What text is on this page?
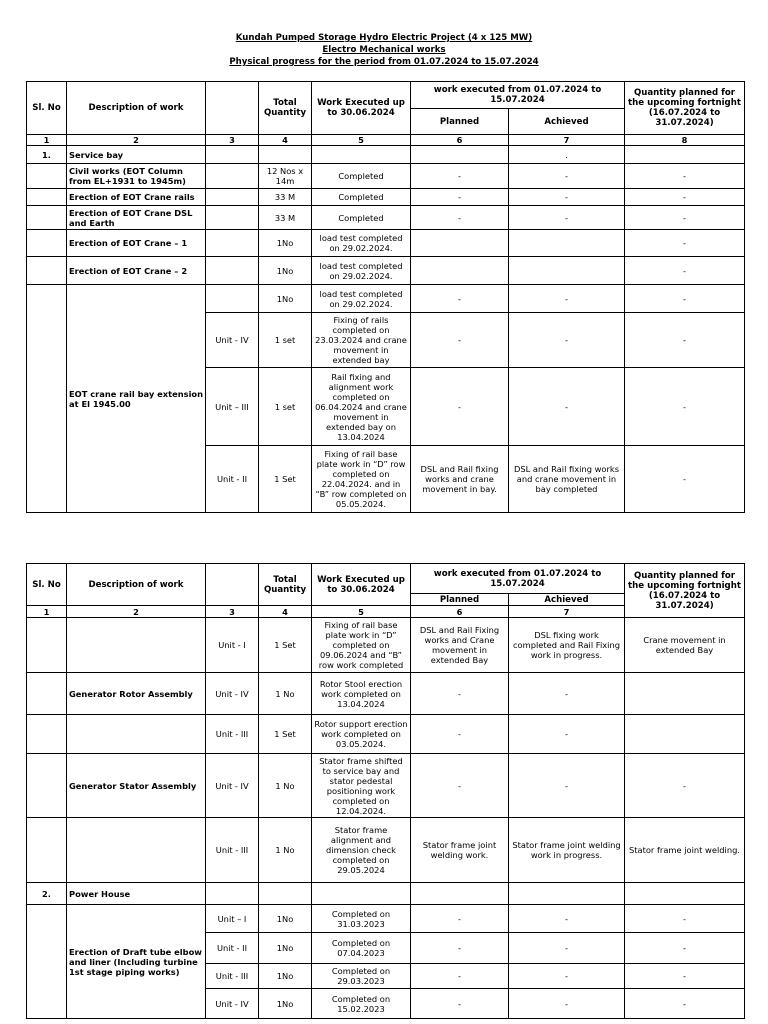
Kundah Pumped Storage Hydro Electric Project (4 x 125 MW)
Electro Mechanical works
Physical progress for the period from 01.07.2024 to 15.07.2024
Sl. No	Description of work		Total Quantity	Work Executed up to 30.06.2024	work executed from 01.07.2024 to 15.07.2024		Quantity planned for the upcoming fortnight (16.07.2024 to 31.07.2024)
					Planned	Achieved	
1	2	3	4	5	6	7	8
1.	Service bay					.	
	Civil works (EOT Column from EL+1931 to 1945m)		12 Nos x 14m	Completed	-	-	-
	Erection of EOT Crane rails		33 M	Completed	-	-	-
	Erection of EOT Crane DSL and Earth		33 M	Completed	-	-	-
	Erection of EOT Crane – 1		1No	load test completed on 29.02.2024.			-
	Erection of EOT Crane – 2		1No	load test completed on 29.02.2024.			-
	EOT crane rail bay extension at El 1945.00		1No	load test completed on 29.02.2024.	-	-	-
		Unit - IV	1 set	Fixing of rails completed on 23.03.2024 and crane movement in extended bay	-	-	-
		Unit – III	1 set	Rail fixing and alignment work completed on 06.04.2024 and crane movement in extended bay on 13.04.2024	-	-	-
		Unit - II	1 Set	Fixing of rail base plate work in “D” row completed on 22.04.2024. and in “B” row completed on 05.05.2024.	DSL and Rail fixing works and crane movement in bay.	DSL and Rail fixing works and crane movement in bay completed	-
Sl. No	Description of work		Total Quantity	Work Executed up to 30.06.2024	work executed from 01.07.2024 to 15.07.2024		Quantity planned for the upcoming fortnight (16.07.2024 to 31.07.2024)
					Planned	Achieved	
1	2	3	4	5	6	7	
		Unit - I	1 Set	Fixing of rail base plate work in “D” completed on 09.06.2024 and “B” row work completed	DSL and Rail Fixing works and Crane movement in extended Bay	DSL fixing work completed and Rail Fixing work in progress.	Crane movement in extended Bay
	Generator Rotor Assembly	Unit - IV	1 No	Rotor Stool erection work completed on 13.04.2024	-	-	
		Unit - III	1 Set	Rotor support erection work completed on 03.05.2024.	-	-	
	Generator Stator Assembly	Unit - IV	1 No	Stator frame shifted to service bay and stator pedestal positioning work completed on 12.04.2024.	-	-	-
		Unit - III	1 No	Stator frame alignment and dimension check completed on 29.05.2024	Stator frame joint welding work.	Stator frame joint welding work in progress.	Stator frame joint welding.
2.	Power House						
	Erection of Draft tube elbow and liner (Including turbine 1st stage piping works)	Unit – I	1No	Completed on 31.03.2023	-	-	-
		Unit - II	1No	Completed on 07.04.2023	-	-	-
		Unit - III	1No	Completed on 29.03.2023	-	-	-
		Unit - IV	1No	Completed on 15.02.2023	-	-	-
